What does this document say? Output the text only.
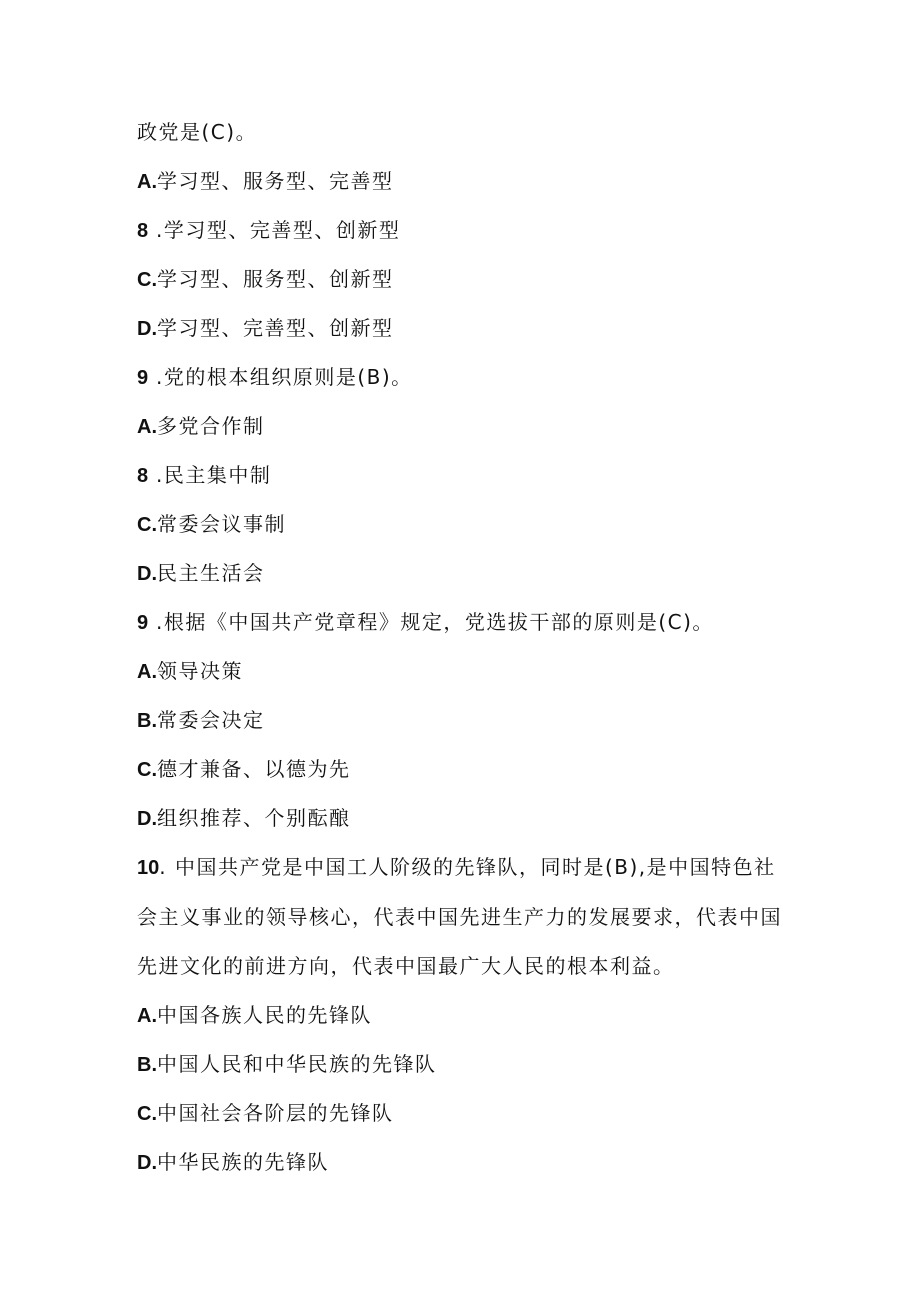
政党是(C)。
A.学习型、服务型、完善型
8 .学习型、完善型、创新型
C.学习型、服务型、创新型
D.学习型、完善型、创新型
9 .党的根本组织原则是(B)。
A.多党合作制
8 .民主集中制
C.常委会议事制
D.民主生活会
9 .根据《中国共产党章程》规定，党选拔干部的原则是(C)。
A.领导决策
B.常委会决定
C.德才兼备、以德为先
D.组织推荐、个别酝酿
10. 中国共产党是中国工人阶级的先锋队，同时是(B),是中国特色社会主义事业的领导核心，代表中国先进生产力的发展要求，代表中国先进文化的前进方向，代表中国最广大人民的根本利益。
A.中国各族人民的先锋队
B.中国人民和中华民族的先锋队
C.中国社会各阶层的先锋队
D.中华民族的先锋队
